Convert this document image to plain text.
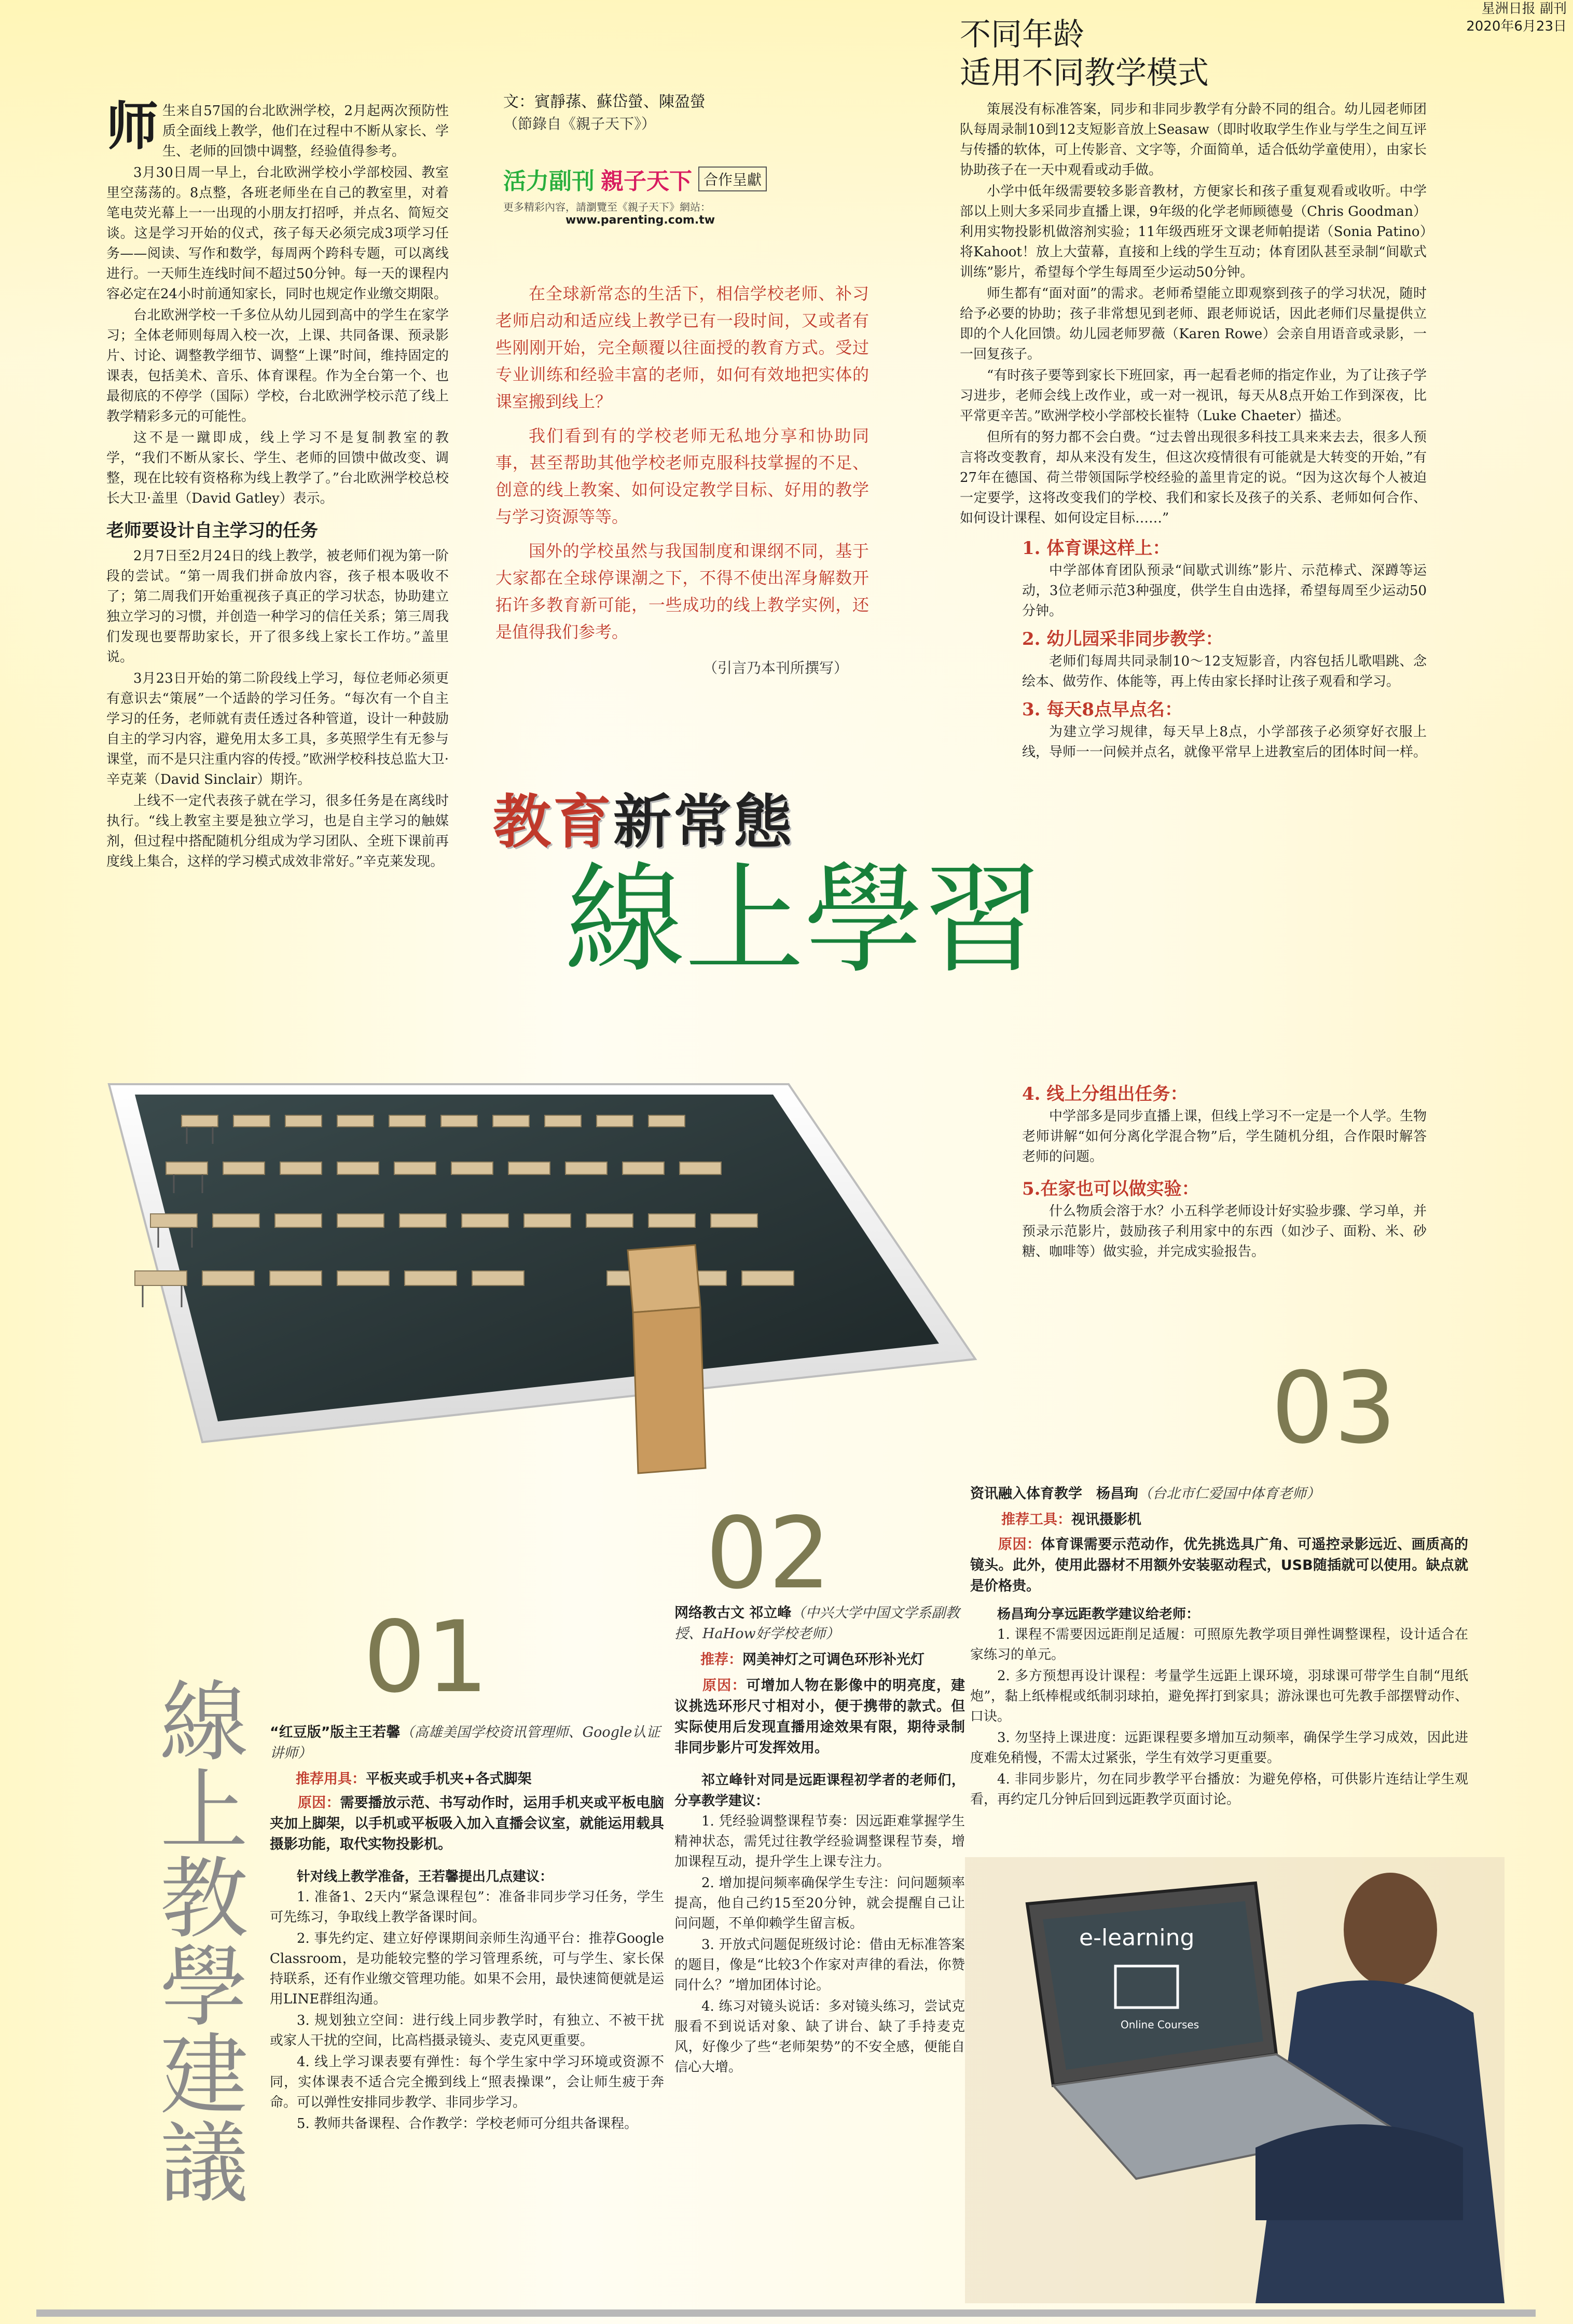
星洲日报 副刊
2020年6月23日
师 生来自57国的台北欧洲学校，2月起两次预防性质全面线上教学，他们在过程中不断从家长、学生、老师的回馈中调整，经验值得参考。

3月30日周一早上，台北欧洲学校小学部校园、教室里空荡荡的。8点整，各班老师坐在自己的教室里，对着笔电荧光幕上一一出现的小朋友打招呼，并点名、简短交谈。这是学习开始的仪式，孩子每天必须完成3项学习任务——阅读、写作和数学，每周两个跨科专题，可以离线进行。一天师生连线时间不超过50分钟。每一天的课程内容必定在24小时前通知家长，同时也规定作业缴交期限。

台北欧洲学校一千多位从幼儿园到高中的学生在家学习；全体老师则每周入校一次，上课、共同备课、预录影片、讨论、调整教学细节、调整“上课”时间，维持固定的课表，包括美术、音乐、体育课程。作为全台第一个、也最彻底的不停学（国际）学校，台北欧洲学校示范了线上教学精彩多元的可能性。

这不是一蹴即成，线上学习不是复制教室的教学，“我们不断从家长、学生、老师的回馈中做改变、调整，现在比较有资格称为线上教学了。”台北欧洲学校总校长大卫·盖里（David Gatley）表示。

老师要设计自主学习的任务

2月7日至2月24日的线上教学，被老师们视为第一阶段的尝试。“第一周我们拼命放内容，孩子根本吸收不了；第二周我们开始重视孩子真正的学习状态，协助建立独立学习的习惯，并创造一种学习的信任关系；第三周我们发现也要帮助家长，开了很多线上家长工作坊。”盖里说。

3月23日开始的第二阶段线上学习，每位老师必须更有意识去“策展”一个适龄的学习任务。“每次有一个自主学习的任务，老师就有责任透过各种管道，设计一种鼓励自主的学习内容，避免用太多工具，多英照学生有无参与课堂，而不是只注重内容的传授。”欧洲学校科技总监大卫·辛克莱（David Sinclair）期许。

上线不一定代表孩子就在学习，很多任务是在离线时执行。“线上教室主要是独立学习，也是自主学习的触媒剂，但过程中搭配随机分组成为学习团队、全班下课前再度线上集合，这样的学习模式成效非常好。”辛克莱发现。

文：賓靜蓀、蘇岱螢、陳盈螢
（節錄自《親子天下》）
活力副刊 親子天下 合作呈獻
更多精彩內容，請瀏覽至《親子天下》網站：
www.parenting.com.tw

在全球新常态的生活下，相信学校老师、补习老师启动和适应线上教学已有一段时间，又或者有些刚刚开始，完全颠覆以往面授的教育方式。受过专业训练和经验丰富的老师，如何有效地把实体的课室搬到线上？

我们看到有的学校老师无私地分享和协助同事，甚至帮助其他学校老师克服科技掌握的不足、创意的线上教案、如何设定教学目标、好用的教学与学习资源等等。

国外的学校虽然与我国制度和课纲不同，基于大家都在全球停课潮之下，不得不使出浑身解数开拓许多教育新可能，一些成功的线上教学实例，还是值得我们参考。

（引言乃本刊所撰写）
不同年龄
适用不同教学模式

策展没有标准答案，同步和非同步教学有分龄不同的组合。幼儿园老师团队每周录制10到12支短影音放上Seasaw（即时收取学生作业与学生之间互评与传播的软体，可上传影音、文字等，介面简单，适合低幼学童使用），由家长协助孩子在一天中观看或动手做。

小学中低年级需要较多影音教材，方便家长和孩子重复观看或收听。中学部以上则大多采同步直播上课，9年级的化学老师顾德曼（Chris Goodman）利用实物投影机做溶剂实验；11年级西班牙文课老师帕提诺（Sonia Patino）将Kahoot！放上大萤幕，直接和上线的学生互动；体育团队甚至录制“间歇式训练”影片，希望每个学生每周至少运动50分钟。

师生都有“面对面”的需求。老师希望能立即观察到孩子的学习状况，随时给予必要的协助；孩子非常想见到老师、跟老师说话，因此老师们尽量提供立即的个人化回馈。幼儿园老师罗薇（Karen Rowe）会亲自用语音或录影，一一回复孩子。

“有时孩子要等到家长下班回家，再一起看老师的指定作业，为了让孩子学习进步，老师会线上改作业，或一对一视讯，每天从8点开始工作到深夜，比平常更辛苦。”欧洲学校小学部校长崔特（Luke Chaeter）描述。

但所有的努力都不会白费。“过去曾出现很多科技工具来来去去，很多人预言将改变教育，却从来没有发生，但这次疫情很有可能就是大转变的开始，”有27年在德国、荷兰带领国际学校经验的盖里肯定的说。“因为这次每个人被迫一定要学，这将改变我们的学校、我们和家长及孩子的关系、老师如何合作、如何设计课程、如何设定目标……”

1. 体育课这样上：

中学部体育团队预录“间歇式训练”影片、示范棒式、深蹲等运动，3位老师示范3种强度，供学生自由选择，希望每周至少运动50分钟。

2. 幼儿园采非同步教学：

老师们每周共同录制10～12支短影音，内容包括儿歌唱跳、念绘本、做劳作、体能等，再上传由家长择时让孩子观看和学习。

3. 每天8点早点名：

为建立学习规律，每天早上8点，小学部孩子必须穿好衣服上线，导师一一问候并点名，就像平常早上进教室后的团体时间一样。

教育新常態
線上學習
4. 线上分组出任务：

中学部多是同步直播上课，但线上学习不一定是一个人学。生物老师讲解“如何分离化学混合物”后，学生随机分组，合作限时解答老师的问题。

5.在家也可以做实验：

什么物质会溶于水？小五科学老师设计好实验步骤、学习单，并预录示范影片，鼓励孩子利用家中的东西（如沙子、面粉、米、砂糖、咖啡等）做实验，并完成实验报告。

01
線上教學建議 “红豆版”版主王若馨（高雄美国学校资讯管理师、Google认证讲师）
推荐用具：平板夹或手机夹+各式脚架

原因：需要播放示范、书写动作时，运用手机夹或平板电脑夹加上脚架，以手机或平板吸入加入直播会议室，就能运用载具摄影功能，取代实物投影机。

针对线上教学准备，王若馨提出几点建议：

1. 准备1、2天内“紧急课程包”：准备非同步学习任务，学生可先练习，争取线上教学备课时间。

2. 事先约定、建立好停课期间亲师生沟通平台：推荐Google Classroom，是功能较完整的学习管理系统，可与学生、家长保持联系，还有作业缴交管理功能。如果不会用，最快速简便就是运用LINE群组沟通。

3. 规划独立空间：进行线上同步教学时，有独立、不被干扰或家人干扰的空间，比高档摄录镜头、麦克风更重要。

4. 线上学习课表要有弹性：每个学生家中学习环境或资源不同，实体课表不适合完全搬到线上“照表操课”，会让师生疲于奔命。可以弹性安排同步教学、非同步学习。

5. 教师共备课程、合作教学：学校老师可分组共备课程。

02
网络教古文 祁立峰（中兴大学中国文学系副教授、HaHow好学校老师）
推荐：网美神灯之可调色环形补光灯

原因：可增加人物在影像中的明亮度，建议挑选环形尺寸相对小，便于携带的款式。但实际使用后发现直播用途效果有限，期待录制非同步影片可发挥效用。

祁立峰针对同是远距课程初学者的老师们，分享教学建议：

1. 凭经验调整课程节奏：因远距难掌握学生精神状态，需凭过往教学经验调整课程节奏，增加课程互动，提升学生上课专注力。

2. 增加提问频率确保学生专注：问问题频率提高，他自己约15至20分钟，就会提醒自己让问问题，不单仰赖学生留言板。

3. 开放式问题促班级讨论：借由无标准答案的题目，像是“比较3个作家对声律的看法，你赞同什么？”增加团体讨论。

4. 练习对镜头说话：多对镜头练习，尝试克服看不到说话对象、缺了讲台、缺了手持麦克风，好像少了些“老师架势”的不安全感，便能自信心大增。

03
资讯融入体育教学　杨昌珣（台北市仁爱国中体育老师）
推荐工具：视讯摄影机

原因：体育课需要示范动作，优先挑选具广角、可遥控录影远近、画质高的镜头。此外，使用此器材不用额外安装驱动程式，USB随插就可以使用。缺点就是价格贵。

杨昌珣分享远距教学建议给老师：

1. 课程不需要因远距削足适履：可照原先教学项目弹性调整课程，设计适合在家练习的单元。

2. 多方预想再设计课程：考量学生远距上课环境，羽球课可带学生自制“甩纸炮”，黏上纸棒棍或纸制羽球拍，避免挥打到家具；游泳课也可先教手部摆臂动作、口诀。

3. 勿坚持上课进度：远距课程要多增加互动频率，确保学生学习成效，因此进度难免稍慢，不需太过紧张，学生有效学习更重要。

4. 非同步影片，勿在同步教学平台播放：为避免停格，可供影片连结让学生观看，再约定几分钟后回到远距教学页面讨论。

e-learning
Online Courses
